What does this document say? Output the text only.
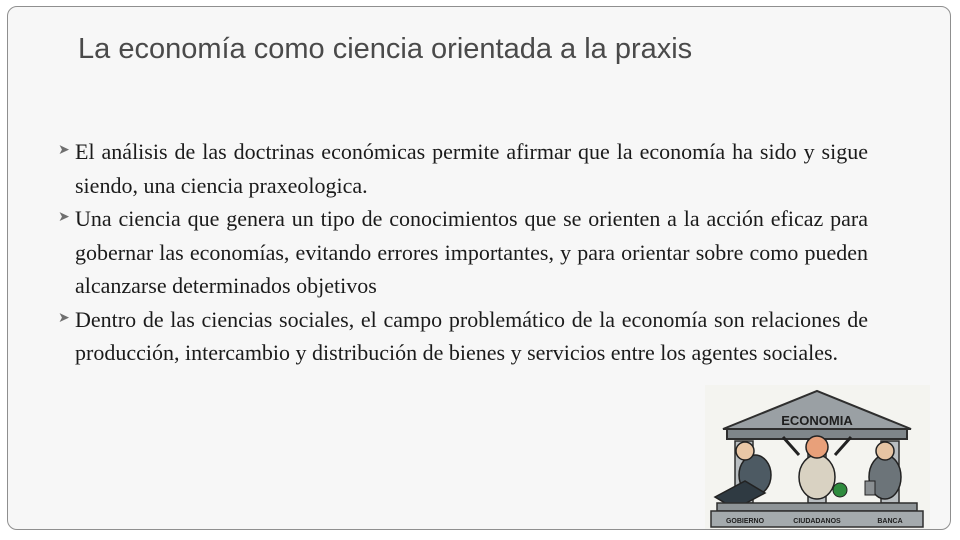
La economía como ciencia orientada a la praxis
➤ El análisis de las doctrinas económicas permite afirmar que la economía ha sido y sigue siendo, una ciencia praxeologica.
➤ Una ciencia que genera un tipo de conocimientos que se orienten a la acción eficaz para gobernar las economías, evitando errores importantes, y para orientar sobre como pueden alcanzarse determinados objetivos
➤ Dentro de las ciencias sociales, el campo problemático de la economía son relaciones de producción, intercambio y distribución de bienes y servicios entre los agentes sociales.
ECONOMIA
GOBIERNO	CIUDADANOS	BANCA
